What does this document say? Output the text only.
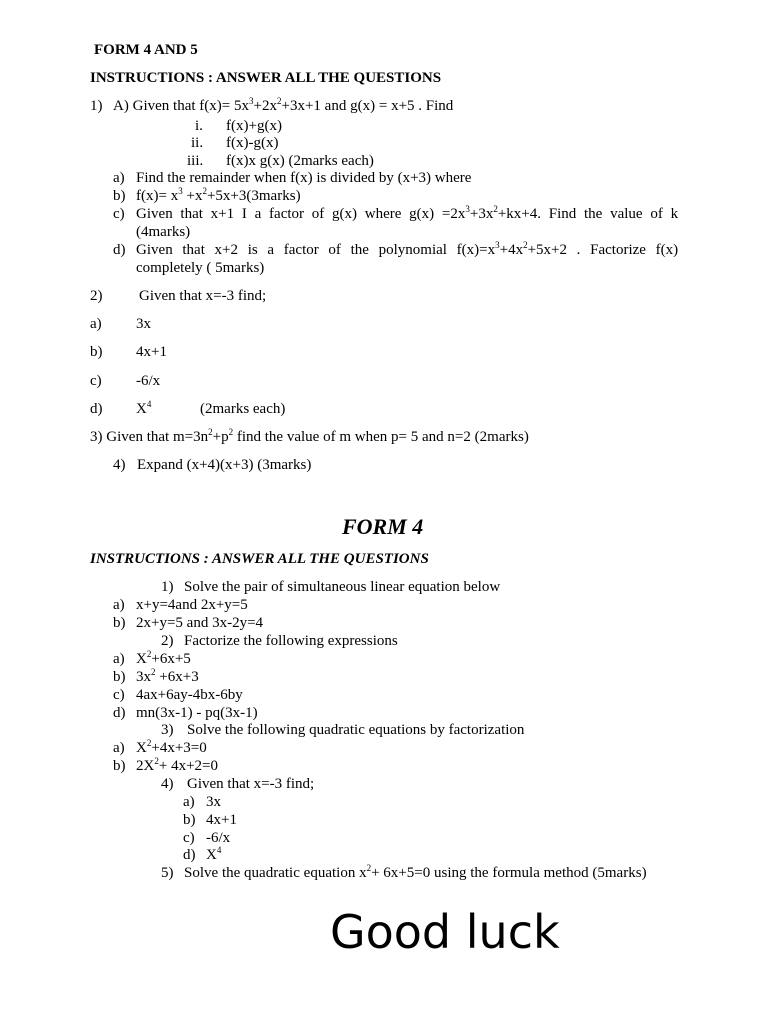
FORM 4 AND 5
INSTRUCTIONS : ANSWER ALL THE QUESTIONS
1) A) Given that $f(x)= 5x^3+2x^2+3x+1$ and g(x) = x+5 . Find
i. f(x)+g(x)
ii. f(x)-g(x)
iii. f(x)x g(x) (2marks each)
a) Find the remainder when f(x) is divided by (x+3) where
b) $f(x)= x^3$ $+x^2+5x+3(3marks)$
c) Given that x+1 I a factor of g(x) where $g(x) =2x^3+3x^2+kx+4$. Find the value of k
(4marks)
d) Given that x+2 is a factor of the polynomial $f(x)=x^3+4x^2+5x+2$ . Factorize f(x)
completely ( 5marks)
2) Given that x=-3 find;
a) 3x
b) 4x+1
c) -6/x
d) $X^4$	(2marks each)
3) Given that $m=3n^2+p^2$ find the value of m when p= 5 and n=2 (2marks)
4) Expand (x+4)(x+3) (3marks)
FORM 4
INSTRUCTIONS : ANSWER ALL THE QUESTIONS
1) Solve the pair of simultaneous linear equation below
a) x+y=4and 2x+y=5
b) 2x+y=5 and 3x-2y=4
2) Factorize the following expressions
a) $X^2+6x+5$
b) $3x^2 +6x+3$
c) 4ax+6ay-4bx-6by
d) mn(3x-1) - pq(3x-1)
3) Solve the following quadratic equations by factorization
a) $X^2+4x+3=0$
b) $2X^2+ 4x+2=0$
4) Given that x=-3 find;
a) 3x
b) 4x+1
c) -6/x
d) $X^4$
5) Solve the quadratic equation $x^2+ 6x+5=0$ using the formula method (5marks)
Good luck
